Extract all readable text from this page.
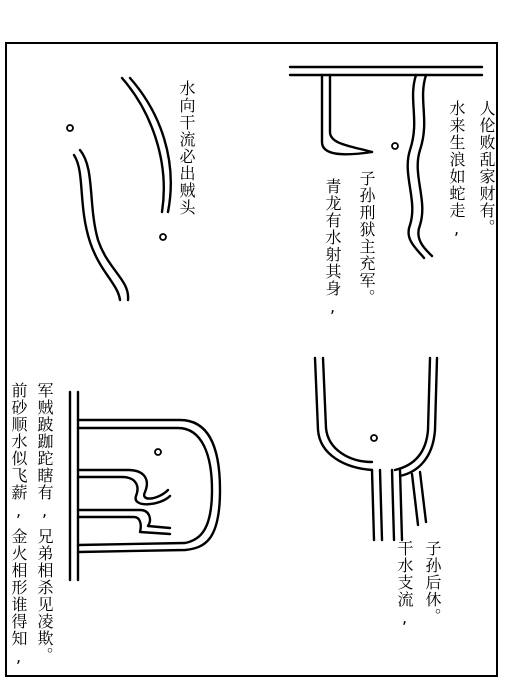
人伦败乱家财有。
水来生浪如蛇走,
子孙刑狱主充军。
青龙有水射其身,
水向干流必出贼头
军贼跛跏跎瞎有,
前砂顺水似飞薪,
兄弟相杀见凌欺。
金火相形谁得知,	子孙后休。
干水支流,
